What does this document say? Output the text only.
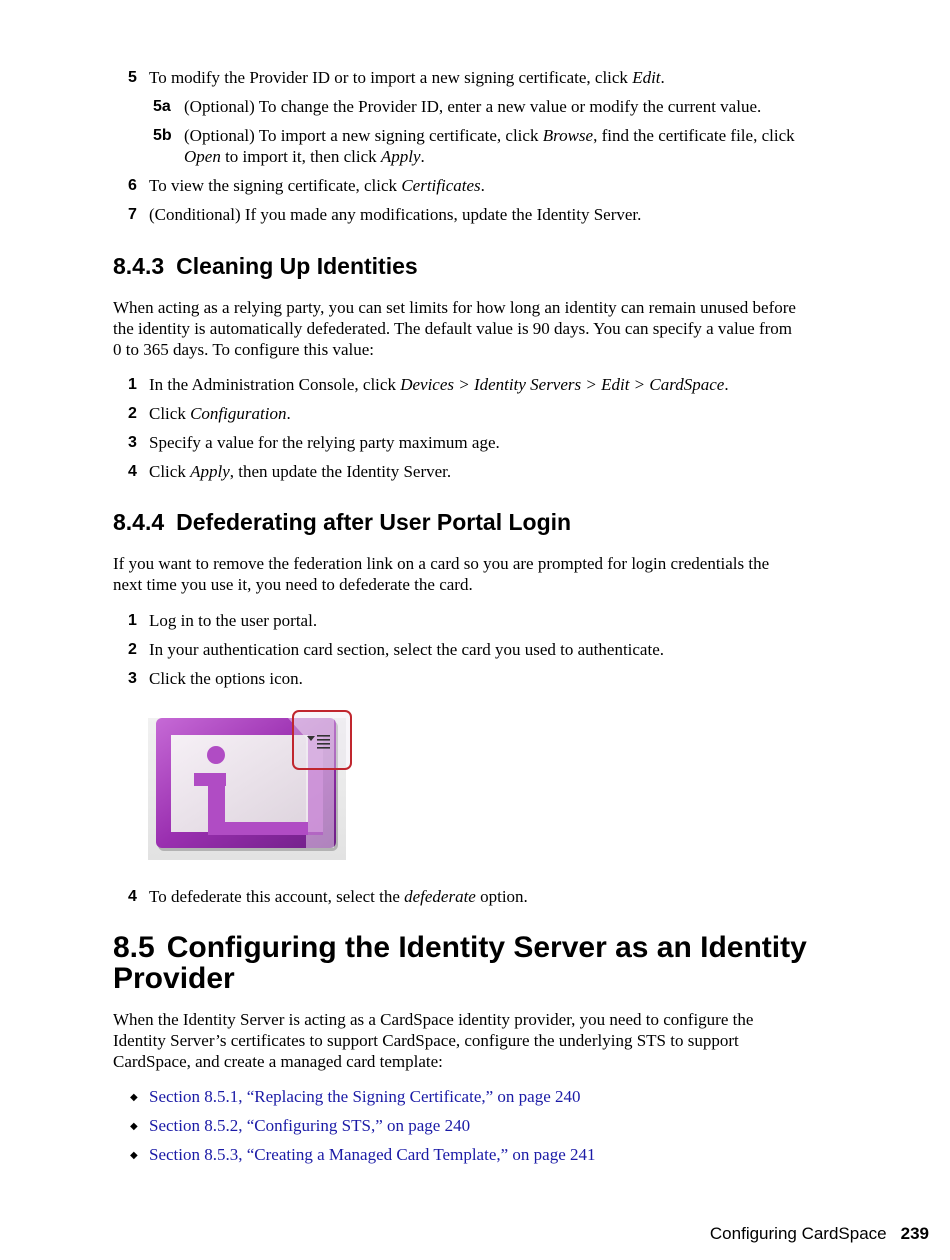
5 To modify the Provider ID or to import a new signing certificate, click Edit.
5a (Optional) To change the Provider ID, enter a new value or modify the current value.
5b (Optional) To import a new signing certificate, click Browse, find the certificate file, click
Open to import it, then click Apply.
6 To view the signing certificate, click Certificates.
7 (Conditional) If you made any modifications, update the Identity Server.
8.4.3 Cleaning Up Identities
When acting as a relying party, you can set limits for how long an identity can remain unused before
the identity is automatically defederated. The default value is 90 days. You can specify a value from
0 to 365 days. To configure this value:
1 In the Administration Console, click Devices > Identity Servers > Edit > CardSpace.
2 Click Configuration.
3 Specify a value for the relying party maximum age.
4 Click Apply, then update the Identity Server.
8.4.4 Defederating after User Portal Login
If you want to remove the federation link on a card so you are prompted for login credentials the
next time you use it, you need to defederate the card.
1 Log in to the user portal.
2 In your authentication card section, select the card you used to authenticate.
3 Click the options icon.
4 To defederate this account, select the defederate option.
8.5 Configuring the Identity Server as an Identity
Provider
When the Identity Server is acting as a CardSpace identity provider, you need to configure the
Identity Server’s certificates to support CardSpace, configure the underlying STS to support
CardSpace, and create a managed card template:
◆ Section 8.5.1, “Replacing the Signing Certificate,” on page 240
◆ Section 8.5.2, “Configuring STS,” on page 240
◆ Section 8.5.3, “Creating a Managed Card Template,” on page 241
Configuring CardSpace 239
